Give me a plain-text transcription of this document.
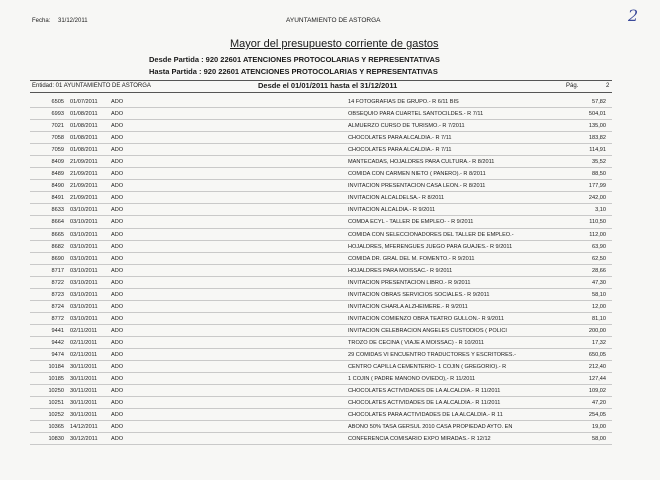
Fecha: 31/12/2011	AYUNTAMIENTO DE ASTORGA	2
Mayor del presupuesto corriente de gastos
Desde Partida : 920 22601 ATENCIONES PROTOCOLARIAS Y REPRESENTATIVAS
Hasta Partida : 920 22601 ATENCIONES PROTOCOLARIAS Y REPRESENTATIVAS
Entidad: 01 AYUNTAMIENTO DE ASTORGA	Desde el 01/01/2011 hasta el 31/12/2011	Pág.	2
6505 01/07/2011 ADO	14 FOTOGRAFIAS DE GRUPO.- R 6/11 BIS	57,82
6993 01/08/2011 ADO	OBSEQUIO PARA CUARTEL SANTOCILDES.- R 7/11	504,01
7021 01/08/2011 ADO	ALMUERZO CURSO DE TURISMO.- R 7/2011	135,00
7058 01/08/2011 ADO	CHOCOLATES PARA ALCALDIA.- R 7/11	183,82
7059 01/08/2011 ADO	CHOCOLATES PARA ALCALDIA.- R 7/11	114,91
8409 21/09/2011 ADO	MANTECADAS, HOJALDRES PARA CULTURA.- R 8/2011	35,52
8489 21/09/2011 ADO	COMIDA CON CARMEN NIETO ( PANERO).- R 8/2011	88,50
8490 21/09/2011 ADO	INVITACION PRESENTACION CASA LEON.- R 8/2011	177,99
8491 21/09/2011 ADO	INVITACION ALCALDELSA.- R 8/2011	242,00
8633 03/10/2011 ADO	INVITACION ALCALDIA.- R 9/2011	3,10
8664 03/10/2011 ADO	COMDA ECYL - TALLER DE EMPLEO- - R 9/2011	110,50
8665 03/10/2011 ADO	COMIDA CON SELECCIONADORES DEL TALLER DE EMPLEO.-	112,00
8682 03/10/2011 ADO	HOJALDRES, MFERENGUES JUEGO PARA GUAJES.- R 9/2011	63,90
8690 03/10/2011 ADO	COMIDA DR. GRAL DEL M. FOMENTO.- R 9/2011	62,50
8717 03/10/2011 ADO	HOJALDRES PARA MOISSAC.- R 9/2011	28,66
8722 03/10/2011 ADO	INVITACION PRESENTACION LIBRO.- R 9/2011	47,30
8723 03/10/2011 ADO	INVITACION OBRAS SERVICIOS SOCIALES.- R 9/2011	58,10
8724 03/10/2011 ADO	INVITACION CHARLA ALZHEIMERE.- R 9/2011	12,00
8772 03/10/2011 ADO	INVITACION COMIENZO OBRA TEATRO GULLON.- R 9/2011	81,10
9441 02/11/2011 ADO	INVITACION CELEBRACION ANGELES CUSTODIOS ( POLICI	200,00
9442 02/11/2011 ADO	TROZO DE CECINA ( VIAJE A MOISSAC) - R 10/2011	17,32
9474 02/11/2011 ADO	29 COMIDAS VI ENCUENTRO TRADUCTORES Y ESCRITORES.-	650,05
10184 30/11/2011 ADO	CENTRO CAPILLA CEMENTERIO- 1 COJIN ( GREGORIO).- R	212,40
10185 30/11/2011 ADO	1 COJIN ( PADRE MANONO OVIEDO),- R 11/2011	127,44
10250 30/11/2011 ADO	CHOCOLATES ACTIVIDADES DE LA ALCALDIA.- R 11/2011	109,02
10251 30/11/2011 ADO	CHOCOLATES ACTIVIDADES DE LA ALCALDIA.- R 11/2011	47,20
10252 30/11/2011 ADO	CHOCOLATES PARA ACTIVIDADES DE LA ALCALDIA.- R 11	254,05
10365 14/12/2011 ADO	ABONO 50% TASA GERSUL 2010 CASA PROPIEDAD AYTO. EN	19,00
10830 30/12/2011 ADO	CONFERENCIA COMISARIO EXPO MIRADAS.- R 12/12	58,00
